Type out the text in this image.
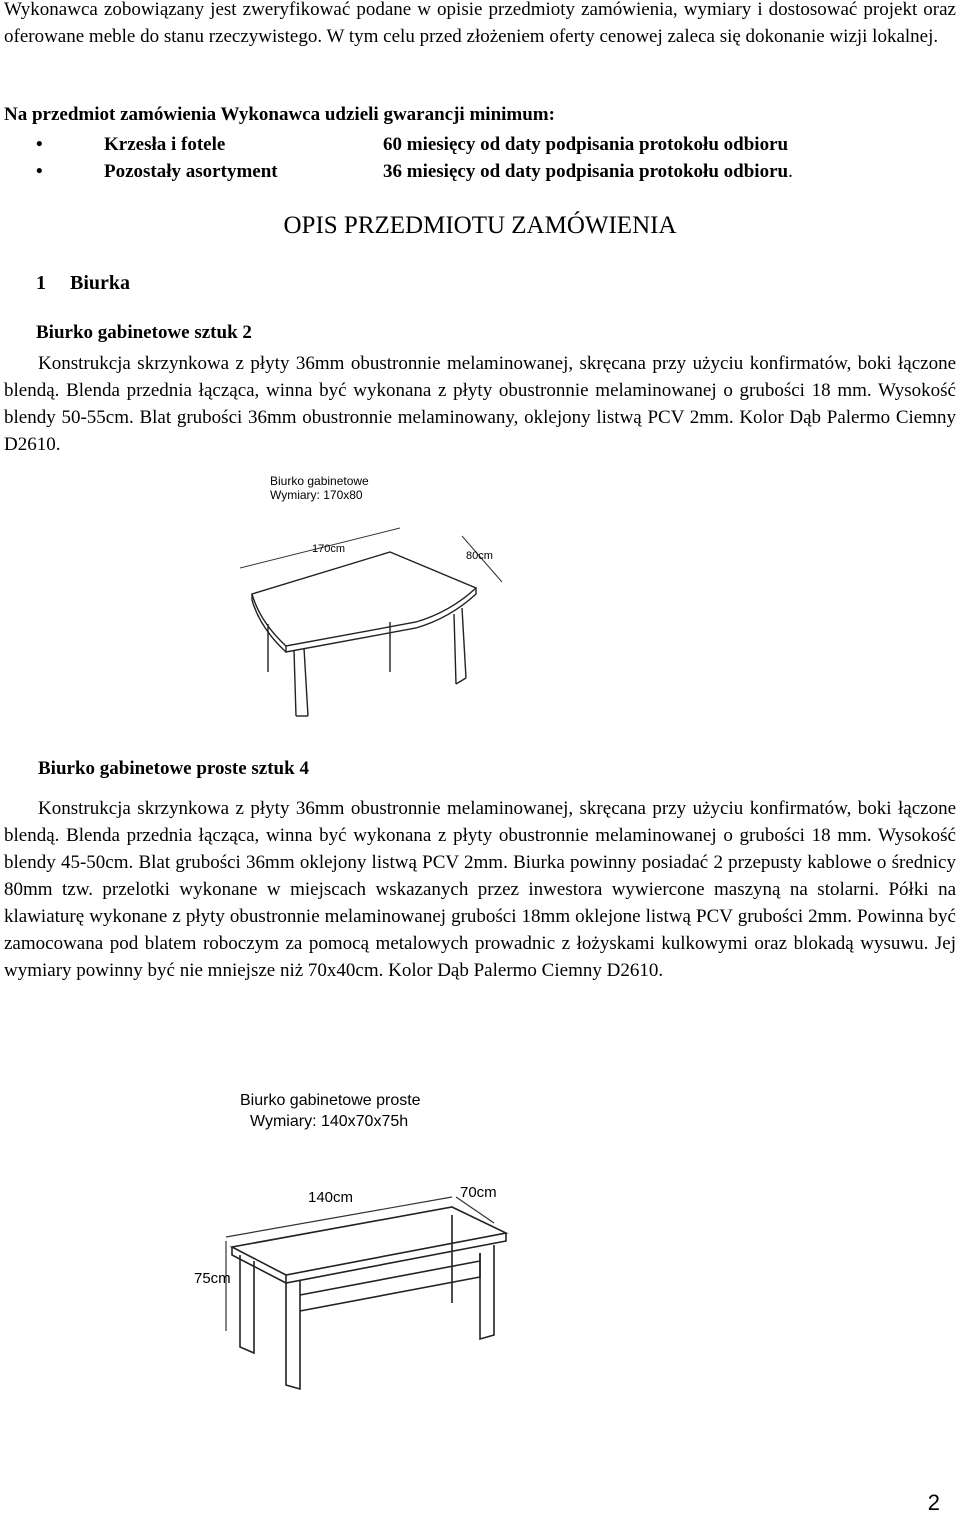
Wykonawca zobowiązany jest zweryfikować podane w opisie przedmioty zamówienia, wymiary i dostosować projekt oraz oferowane meble do stanu rzeczywistego. W tym celu przed złożeniem oferty cenowej zaleca się dokonanie wizji lokalnej.
Na przedmiot zamówienia Wykonawca udzieli gwarancji minimum:
•	Krzesła i fotele	60 miesięcy od daty podpisania protokołu odbioru
•	Pozostały asortyment	36 miesięcy od daty podpisania protokołu odbioru.
OPIS PRZEDMIOTU ZAMÓWIENIA
1 Biurka
Biurko gabinetowe sztuk 2
Konstrukcja skrzynkowa z płyty 36mm obustronnie melaminowanej, skręcana przy użyciu konfirmatów, boki łączone blendą. Blenda przednia łącząca, winna być wykonana z płyty obustronnie melaminowanej o grubości 18 mm. Wysokość blendy 50-55cm. Blat grubości 36mm obustronnie melaminowany, oklejony listwą PCV 2mm. Kolor Dąb Palermo Ciemny D2610.
Biurko gabinetowe
Wymiary: 170x80
170cm
80cm
Biurko gabinetowe proste sztuk 4
Konstrukcja skrzynkowa z płyty 36mm obustronnie melaminowanej, skręcana przy użyciu konfirmatów, boki łączone blendą. Blenda przednia łącząca, winna być wykonana z płyty obustronnie melaminowanej o grubości 18 mm. Wysokość blendy 45-50cm. Blat grubości 36mm oklejony listwą PCV 2mm. Biurka powinny posiadać 2 przepusty kablowe o średnicy 80mm tzw. przelotki wykonane w miejscach wskazanych przez inwestora wywiercone maszyną na stolarni. Półki na klawiaturę wykonane z płyty obustronnie melaminowanej grubości 18mm oklejone listwą PCV grubości 2mm. Powinna być zamocowana pod blatem roboczym za pomocą metalowych prowadnic z łożyskami kulkowymi oraz blokadą wysuwu. Jej wymiary powinny być nie mniejsze niż 70x40cm. Kolor Dąb Palermo Ciemny D2610.
Biurko gabinetowe proste
Wymiary: 140x70x75h
140cm	70cm
75cm
2
